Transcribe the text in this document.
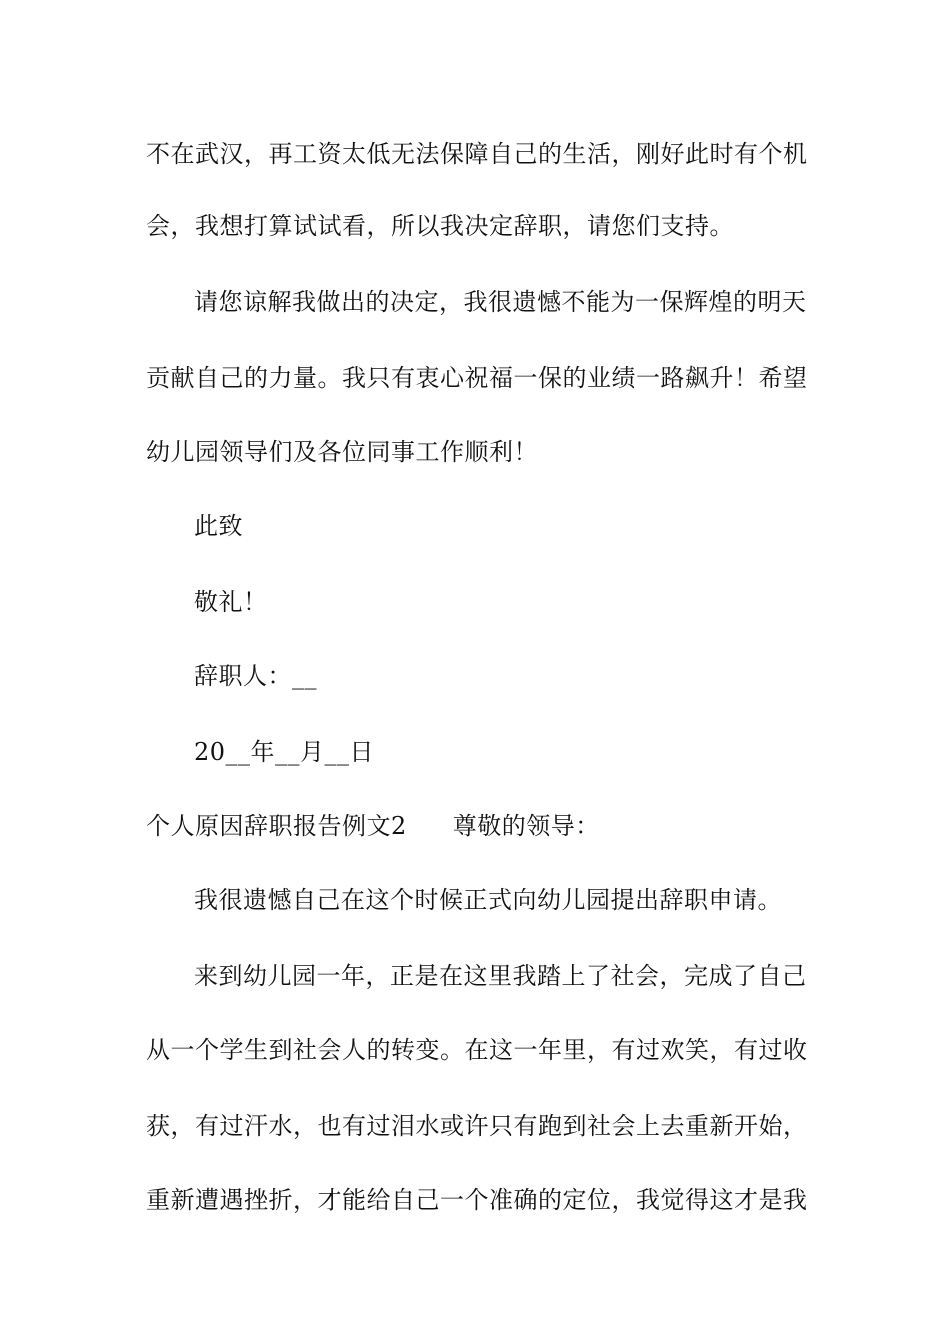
不在武汉，再工资太低无法保障自己的生活，刚好此时有个机
会，我想打算试试看，所以我决定辞职，请您们支持。
请您谅解我做出的决定，我很遗憾不能为一保辉煌的明天
贡献自己的力量。我只有衷心祝福一保的业绩一路飙升！希望
幼儿园领导们及各位同事工作顺利！
此致
敬礼！
辞职人：__
20__年__月__日
个人原因辞职报告例文2 尊敬的领导：
我很遗憾自己在这个时候正式向幼儿园提出辞职申请。
来到幼儿园一年，正是在这里我踏上了社会，完成了自己
从一个学生到社会人的转变。在这一年里，有过欢笑，有过收
获，有过汗水，也有过泪水或许只有跑到社会上去重新开始，
重新遭遇挫折，才能给自己一个准确的定位，我觉得这才是我
